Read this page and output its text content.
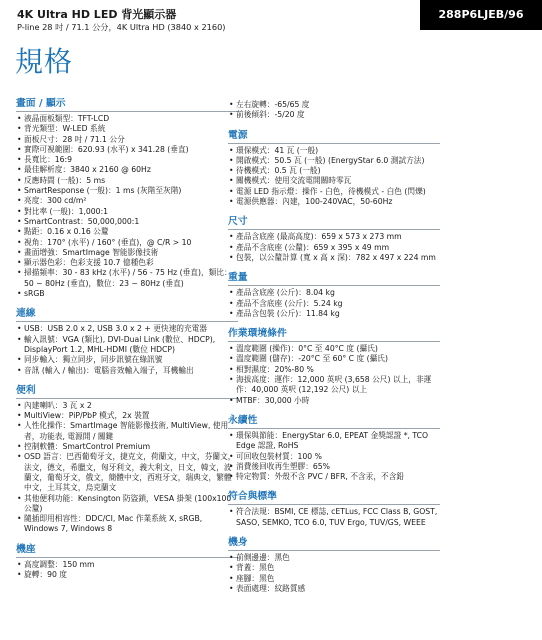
4K Ultra HD LED 背光顯示器
P-line 28 吋 / 71.1 公分，4K Ultra HD (3840 x 2160)
288P6LJEB/96
規格
畫面 / 顯示
• 液晶面板類型：TFT-LCD
• 背光類型：W-LED 系統
• 面板尺寸：28 吋 / 71.1 公分
• 實際可視範圍：620.93 (水平) x 341.28 (垂直)
• 長寬比：16:9
• 最佳解析度：3840 x 2160 @ 60Hz
• 反應時間 (一般)：5 ms
• SmartResponse (一般)：1 ms (灰階至灰階)
• 亮度：300 cd/m²
• 對比率 (一般)：1,000:1
• SmartContrast：50,000,000:1
• 點距：0.16 x 0.16 公釐
• 視角：170° (水平) / 160° (垂直)，@ C/R > 10
• 畫面增強：SmartImage 智能影像技術
• 顯示器色彩：色彩支援 10.7 億種色彩
• 掃描頻率：30 - 83 kHz (水平) / 56 - 75 Hz (垂直)，類比：50 ~ 80Hz (垂直)，數位：23 ~ 80Hz (垂直)
• sRGB
連線
• USB：USB 2.0 x 2, USB 3.0 x 2 + 更快速的充電器
• 輸入訊號：VGA (類比), DVI-Dual Link (數位、HDCP), DisplayPort 1.2, MHL-HDMI (數位 HDCP)
• 同步輸入：獨立同步，同步訊號在綠訊號
• 音訊 (輸入 / 輸出)：電腦音效輸入端子，耳機輸出
便利
• 內建喇叭：3 瓦 x 2
• MultiView：PiP/PbP 模式，2x 裝置
• 人性化操作：SmartImage 智能影像技術, MultiView, 使用者，功能表, 電源開 / 關鍵
• 控制軟體：SmartControl Premium
• OSD 語言：巴西葡萄牙文，捷克文，荷蘭文，中文，芬蘭文，法文，德文，希臘文，匈牙利文，義大利文，日文，韓文，波蘭文，葡萄牙文，俄文，簡體中文，西班牙文，瑞典文，繁體中文，土耳其文，烏克蘭文
• 其他便利功能：Kensington 防盜鎖，VESA 掛架 (100x100 公釐)
• 隨插即用相容性：DDC/CI, Mac 作業系統 X, sRGB, Windows 7, Windows 8
機座
• 高度調整：150 mm
• 旋轉：90 度
• 左右旋轉：-65/65 度
• 前後傾斜：-5/20 度
電源
• 環保模式：41 瓦 (一般)
• 開啟模式：50.5 瓦 (一般) (EnergyStar 6.0 測試方法)
• 待機模式：0.5 瓦 (一般)
• 關機模式：使用交流電開關時零瓦
• 電源 LED 指示燈：操作 - 白色，待機模式 - 白色 (閃爍)
• 電源供應器：內建，100-240VAC，50-60Hz
尺寸
• 產品含底座 (最高高度)：659 x 573 x 273 mm
• 產品不含底座 (公釐)：659 x 395 x 49 mm
• 包裝，以公釐計算 (寬 x 高 x 深)：782 x 497 x 224 mm
重量
• 產品含底座 (公斤)：8.04 kg
• 產品不含底座 (公斤)：5.24 kg
• 產品含包裝 (公斤)：11.84 kg
作業環境條件
• 溫度範圍 (操作)：0°C 至 40°C 度 (攝氏)
• 溫度範圍 (儲存)：-20°C 至 60° C 度 (攝氏)
• 相對濕度：20%-80 %
• 海拔高度：運作：12,000 英呎 (3,658 公尺) 以上，非運作：40,000 英呎 (12,192 公尺) 以上
• MTBF：30,000 小時
永續性
• 環保與節能：EnergyStar 6.0, EPEAT 金獎認證 *, TCO Edge 認證, RoHS
• 可回收包裝材質：100 %
• 消費後回收再生塑膠：65%
• 特定物質：外殼不含 PVC / BFR, 不含汞，不含鉛
符合與標準
• 符合法規：BSMI, CE 標誌, cETLus, FCC Class B, GOST, SASO, SEMKO, TCO 6.0, TUV Ergo, TUV/GS, WEEE
機身
• 前側邊邊：黑色
• 背蓋：黑色
• 座腳：黑色
• 表面處理：紋路質感
